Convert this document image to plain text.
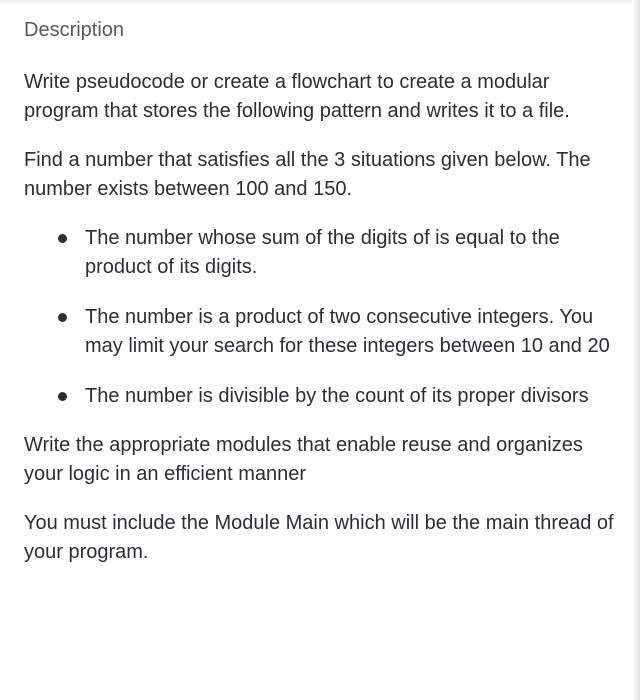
Description

Write pseudocode or create a flowchart to create a modular program that stores the following pattern and writes it to a file.

Find a number that satisfies all the 3 situations given below. The number exists between 100 and 150.

The number whose sum of the digits of is equal to the product of its digits.
The number is a product of two consecutive integers. You may limit your search for these integers between 10 and 20
The number is divisible by the count of its proper divisors

Write the appropriate modules that enable reuse and organizes your logic in an efficient manner

You must include the Module Main which will be the main thread of your program.
